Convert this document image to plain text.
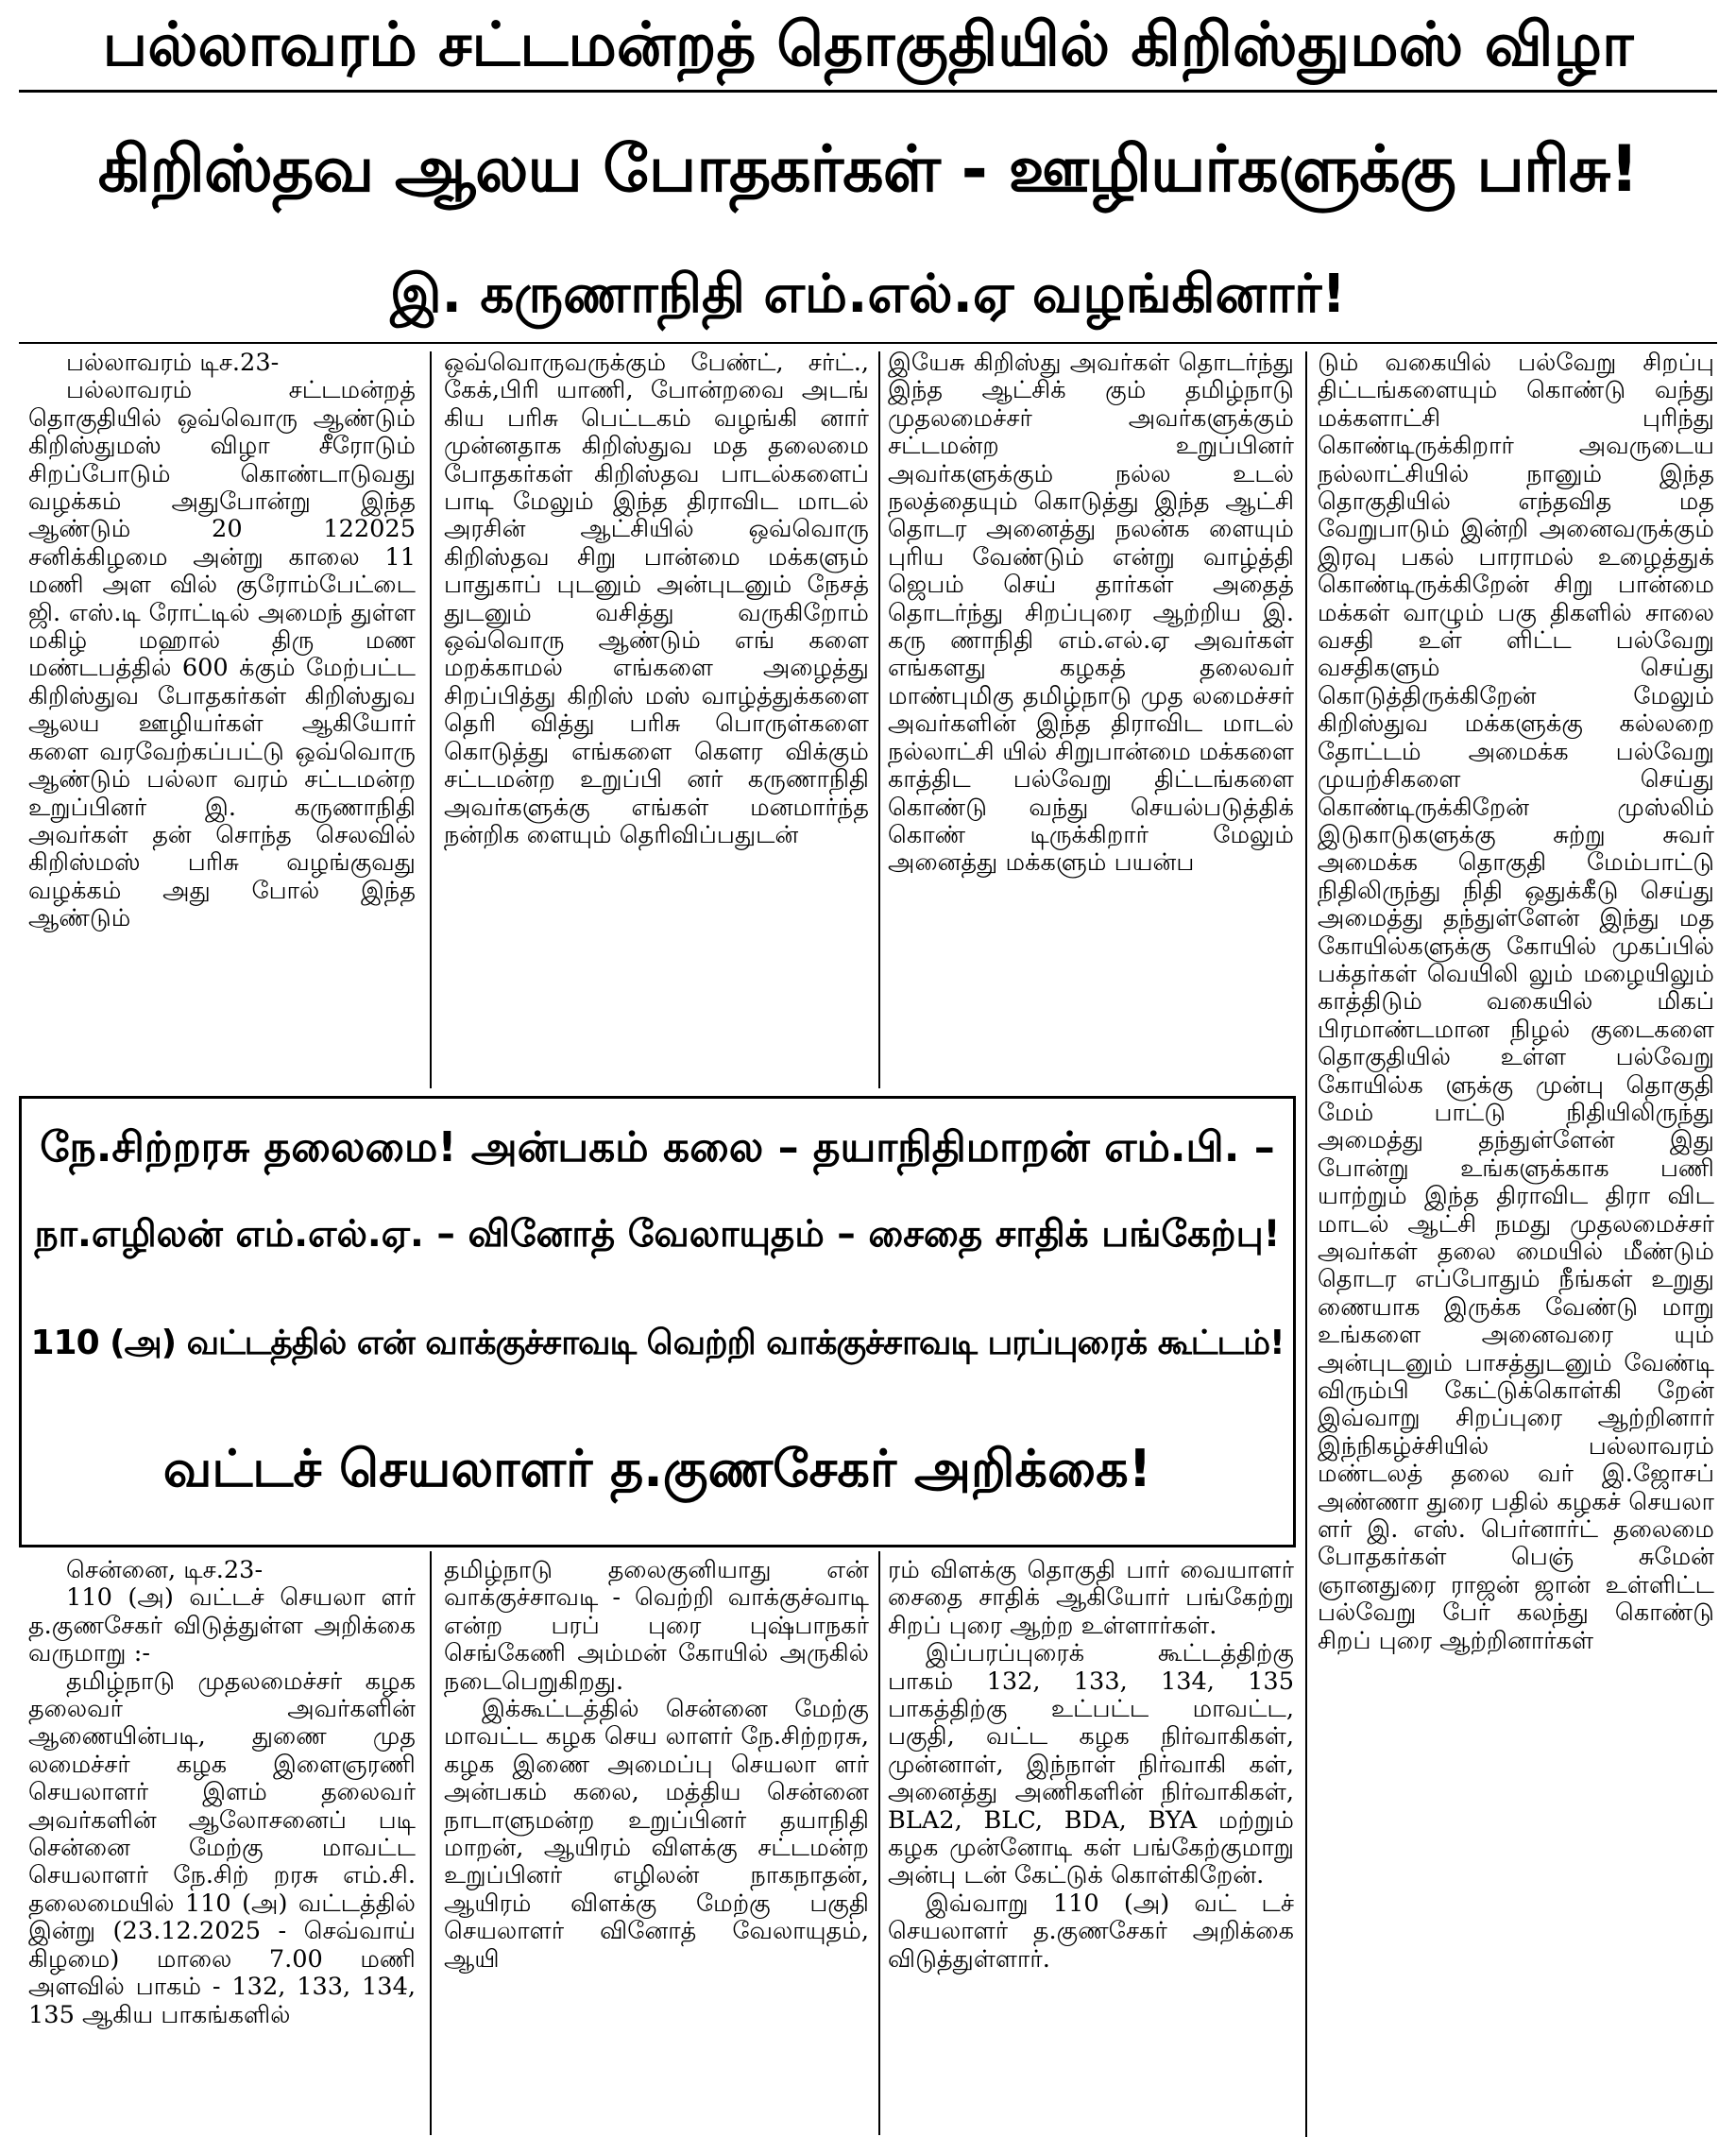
பல்லாவரம் சட்டமன்றத் தொகுதியில் கிறிஸ்துமஸ் விழா
கிறிஸ்தவ ஆலய போதகர்கள் - ஊழியர்களுக்கு பரிசு!
இ. கருணாநிதி எம்.எல்.ஏ வழங்கினார்!

பல்லாவரம் டிச.23-

பல்லாவரம் சட்டமன்றத் தொகுதியில் ஒவ்வொரு ஆண்டும் கிறிஸ்துமஸ் விழா சீரோடும் சிறப்போடும் கொண்டாடுவது வழக்கம் அதுபோன்று இந்த ஆண்டும் 20 122025 சனிக்கிழமை அன்று காலை 11 மணி அள வில் குரோம்பேட்டை ஜி. எஸ்.டி ரோட்டில் அமைந் துள்ள மகிழ் மஹால் திரு மண மண்டபத்தில் 600 க்கும் மேற்பட்ட கிறிஸ்துவ போதகர்கள் கிறிஸ்துவ ஆலய ஊழியர்கள் ஆகியோர் களை வரவேற்கப்பட்டு ஒவ்வொரு ஆண்டும் பல்லா வரம் சட்டமன்ற உறுப்பினர் இ. கருணாநிதி அவர்கள் தன் சொந்த செலவில் கிறிஸ்மஸ் பரிசு வழங்குவது வழக்கம் அது போல் இந்த ஆண்டும்

ஒவ்வொருவருக்கும் பேண்ட், சர்ட்., கேக்,பிரி யாணி, போன்றவை அடங் கிய பரிசு பெட்டகம் வழங்கி னார் முன்னதாக கிறிஸ்துவ மத தலைமை போதகர்கள் கிறிஸ்தவ பாடல்களைப் பாடி மேலும் இந்த திராவிட மாடல் அரசின் ஆட்சியில் ஒவ்வொரு கிறிஸ்தவ சிறு பான்மை மக்களும் பாதுகாப் புடனும் அன்புடனும் நேசத் துடனும் வசித்து வருகிறோம் ஒவ்வொரு ஆண்டும் எங் களை மறக்காமல் எங்களை அழைத்து சிறப்பித்து கிறிஸ் மஸ் வாழ்த்துக்களை தெரி வித்து பரிசு பொருள்களை கொடுத்து எங்களை கௌர விக்கும் சட்டமன்ற உறுப்பி னர் கருணாநிதி அவர்களுக்கு எங்கள் மனமார்ந்த நன்றிக ளையும் தெரிவிப்பதுடன்

இயேசு கிறிஸ்து அவர்கள் தொடர்ந்து இந்த ஆட்சிக் கும் தமிழ்நாடு முதலமைச்சர் அவர்களுக்கும் சட்டமன்ற உறுப்பினர் அவர்களுக்கும் நல்ல உடல் நலத்தையும் கொடுத்து இந்த ஆட்சி தொடர அனைத்து நலன்க ளையும் புரிய வேண்டும் என்று வாழ்த்தி ஜெபம் செய் தார்கள் அதைத் தொடர்ந்து சிறப்புரை ஆற்றிய இ. கரு ணாநிதி எம்.எல்.ஏ அவர்கள் எங்களது கழகத் தலைவர் மாண்புமிகு தமிழ்நாடு முத லமைச்சர் அவர்களின் இந்த திராவிட மாடல் நல்லாட்சி யில் சிறுபான்மை மக்களை காத்திட பல்வேறு திட்டங்களை கொண்டு வந்து செயல்படுத்திக் கொண் டிருக்கிறார் மேலும் அனைத்து மக்களும் பயன்ப

டும் வகையில் பல்வேறு சிறப்பு திட்டங்களையும் கொண்டு வந்து மக்களாட்சி புரிந்து கொண்டிருக்கிறார் அவருடைய நல்லாட்சியில் நானும் இந்த தொகுதியில் எந்தவித மத வேறுபாடும் இன்றி அனைவருக்கும் இரவு பகல் பாராமல் உழைத்துக் கொண்டிருக்கிறேன் சிறு பான்மை மக்கள் வாழும் பகு திகளில் சாலை வசதி உள் ளிட்ட பல்வேறு வசதிகளும் செய்து கொடுத்திருக்கிறேன் மேலும் கிறிஸ்துவ மக்களுக்கு கல்லறை தோட்டம் அமைக்க பல்வேறு முயற்சிகளை செய்து கொண்டிருக்கிறேன் முஸ்லிம் இடுகாடுகளுக்கு சுற்று சுவர் அமைக்க தொகுதி மேம்பாட்டு நிதிலிருந்து நிதி ஒதுக்கீடு செய்து அமைத்து தந்துள்ளேன் இந்து மத கோயில்களுக்கு கோயில் முகப்பில் பக்தர்கள் வெயிலி லும் மழையிலும் காத்திடும் வகையில் மிகப் பிரமாண்டமான நிழல் குடைகளை தொகுதியில் உள்ள பல்வேறு கோயில்க ளுக்கு முன்பு தொகுதி மேம் பாட்டு நிதியிலிருந்து அமைத்து தந்துள்ளேன் இது போன்று உங்களுக்காக பணி யாற்றும் இந்த திராவிட திரா விட மாடல் ஆட்சி நமது முதலமைச்சர் அவர்கள் தலை மையில் மீண்டும் தொடர எப்போதும் நீங்கள் உறுது ணையாக இருக்க வேண்டு மாறு உங்களை அனைவரை யும் அன்புடனும் பாசத்துடனும் வேண்டி விரும்பி கேட்டுக்கொள்கி றேன் இவ்வாறு சிறப்புரை ஆற்றினார் இந்நிகழ்ச்சியில் பல்லாவரம் மண்டலத் தலை வர் இ.ஜோசப் அண்ணா துரை பதில் கழகச் செயலா ளர் இ. எஸ். பெர்னார்ட் தலைமை போதகர்கள் பெஞ் சுமேன் ஞானதுரை ராஜன் ஜான் உள்ளிட்ட பல்வேறு பேர் கலந்து கொண்டு சிறப் புரை ஆற்றினார்கள்

நே.சிற்றரசு தலைமை! அன்பகம் கலை – தயாநிதிமாறன் எம்.பி. –
நா.எழிலன் எம்.எல்.ஏ. – வினோத் வேலாயுதம் – சைதை சாதிக் பங்கேற்பு!
110 (அ) வட்டத்தில் என் வாக்குச்சாவடி வெற்றி வாக்குச்சாவடி பரப்புரைக் கூட்டம்!
வட்டச் செயலாளர் த.குணசேகர் அறிக்கை!

சென்னை, டிச.23-

110 (அ) வட்டச் செயலா ளர் த.குணசேகர் விடுத்துள்ள அறிக்கை வருமாறு :-

தமிழ்நாடு முதலமைச்சர் கழக தலைவர் அவர்களின் ஆணையின்படி, துணை முத லமைச்சர் கழக இளைஞரணி செயலாளர் இளம் தலைவர் அவர்களின் ஆலோசனைப் படி சென்னை மேற்கு மாவட்ட செயலாளர் நே.சிற் றரசு எம்.சி. தலைமையில் 110 (அ) வட்டத்தில் இன்று (23.12.2025 - செவ்வாய் கிழமை) மாலை 7.00 மணி அளவில் பாகம் - 132, 133, 134, 135 ஆகிய பாகங்களில்

தமிழ்நாடு தலைகுனியாது என் வாக்குச்சாவடி - வெற்றி வாக்குச்வாடி என்ற பரப் புரை புஷ்பாநகர் செங்கேணி அம்மன் கோயில் அருகில் நடைபெறுகிறது.

இக்கூட்டத்தில் சென்னை மேற்கு மாவட்ட கழக செய லாளர் நே.சிற்றரசு, கழக இணை அமைப்பு செயலா ளர் அன்பகம் கலை, மத்திய சென்னை நாடாளுமன்ற உறுப்பினர் தயாநிதி மாறன், ஆயிரம் விளக்கு சட்டமன்ற உறுப்பினர் எழிலன் நாகநாதன், ஆயிரம் விளக்கு மேற்கு பகுதி செயலாளர் வினோத் வேலாயுதம், ஆயி

ரம் விளக்கு தொகுதி பார் வையாளர் சைதை சாதிக் ஆகியோர் பங்கேற்று சிறப் புரை ஆற்ற உள்ளார்கள்.

இப்பரப்புரைக் கூட்டத்திற்கு பாகம் 132, 133, 134, 135 பாகத்திற்கு உட்பட்ட மாவட்ட, பகுதி, வட்ட கழக நிர்வாகிகள், முன்னாள், இந்நாள் நிர்வாகி கள், அனைத்து அணிகளின் நிர்வாகிகள், BLA2, BLC, BDA, BYA மற்றும் கழக முன்னோடி கள் பங்கேற்குமாறு அன்பு டன் கேட்டுக் கொள்கிறேன்.

இவ்வாறு 110 (அ) வட் டச் செயலாளர் த.குணசேகர் அறிக்கை விடுத்துள்ளார்.
